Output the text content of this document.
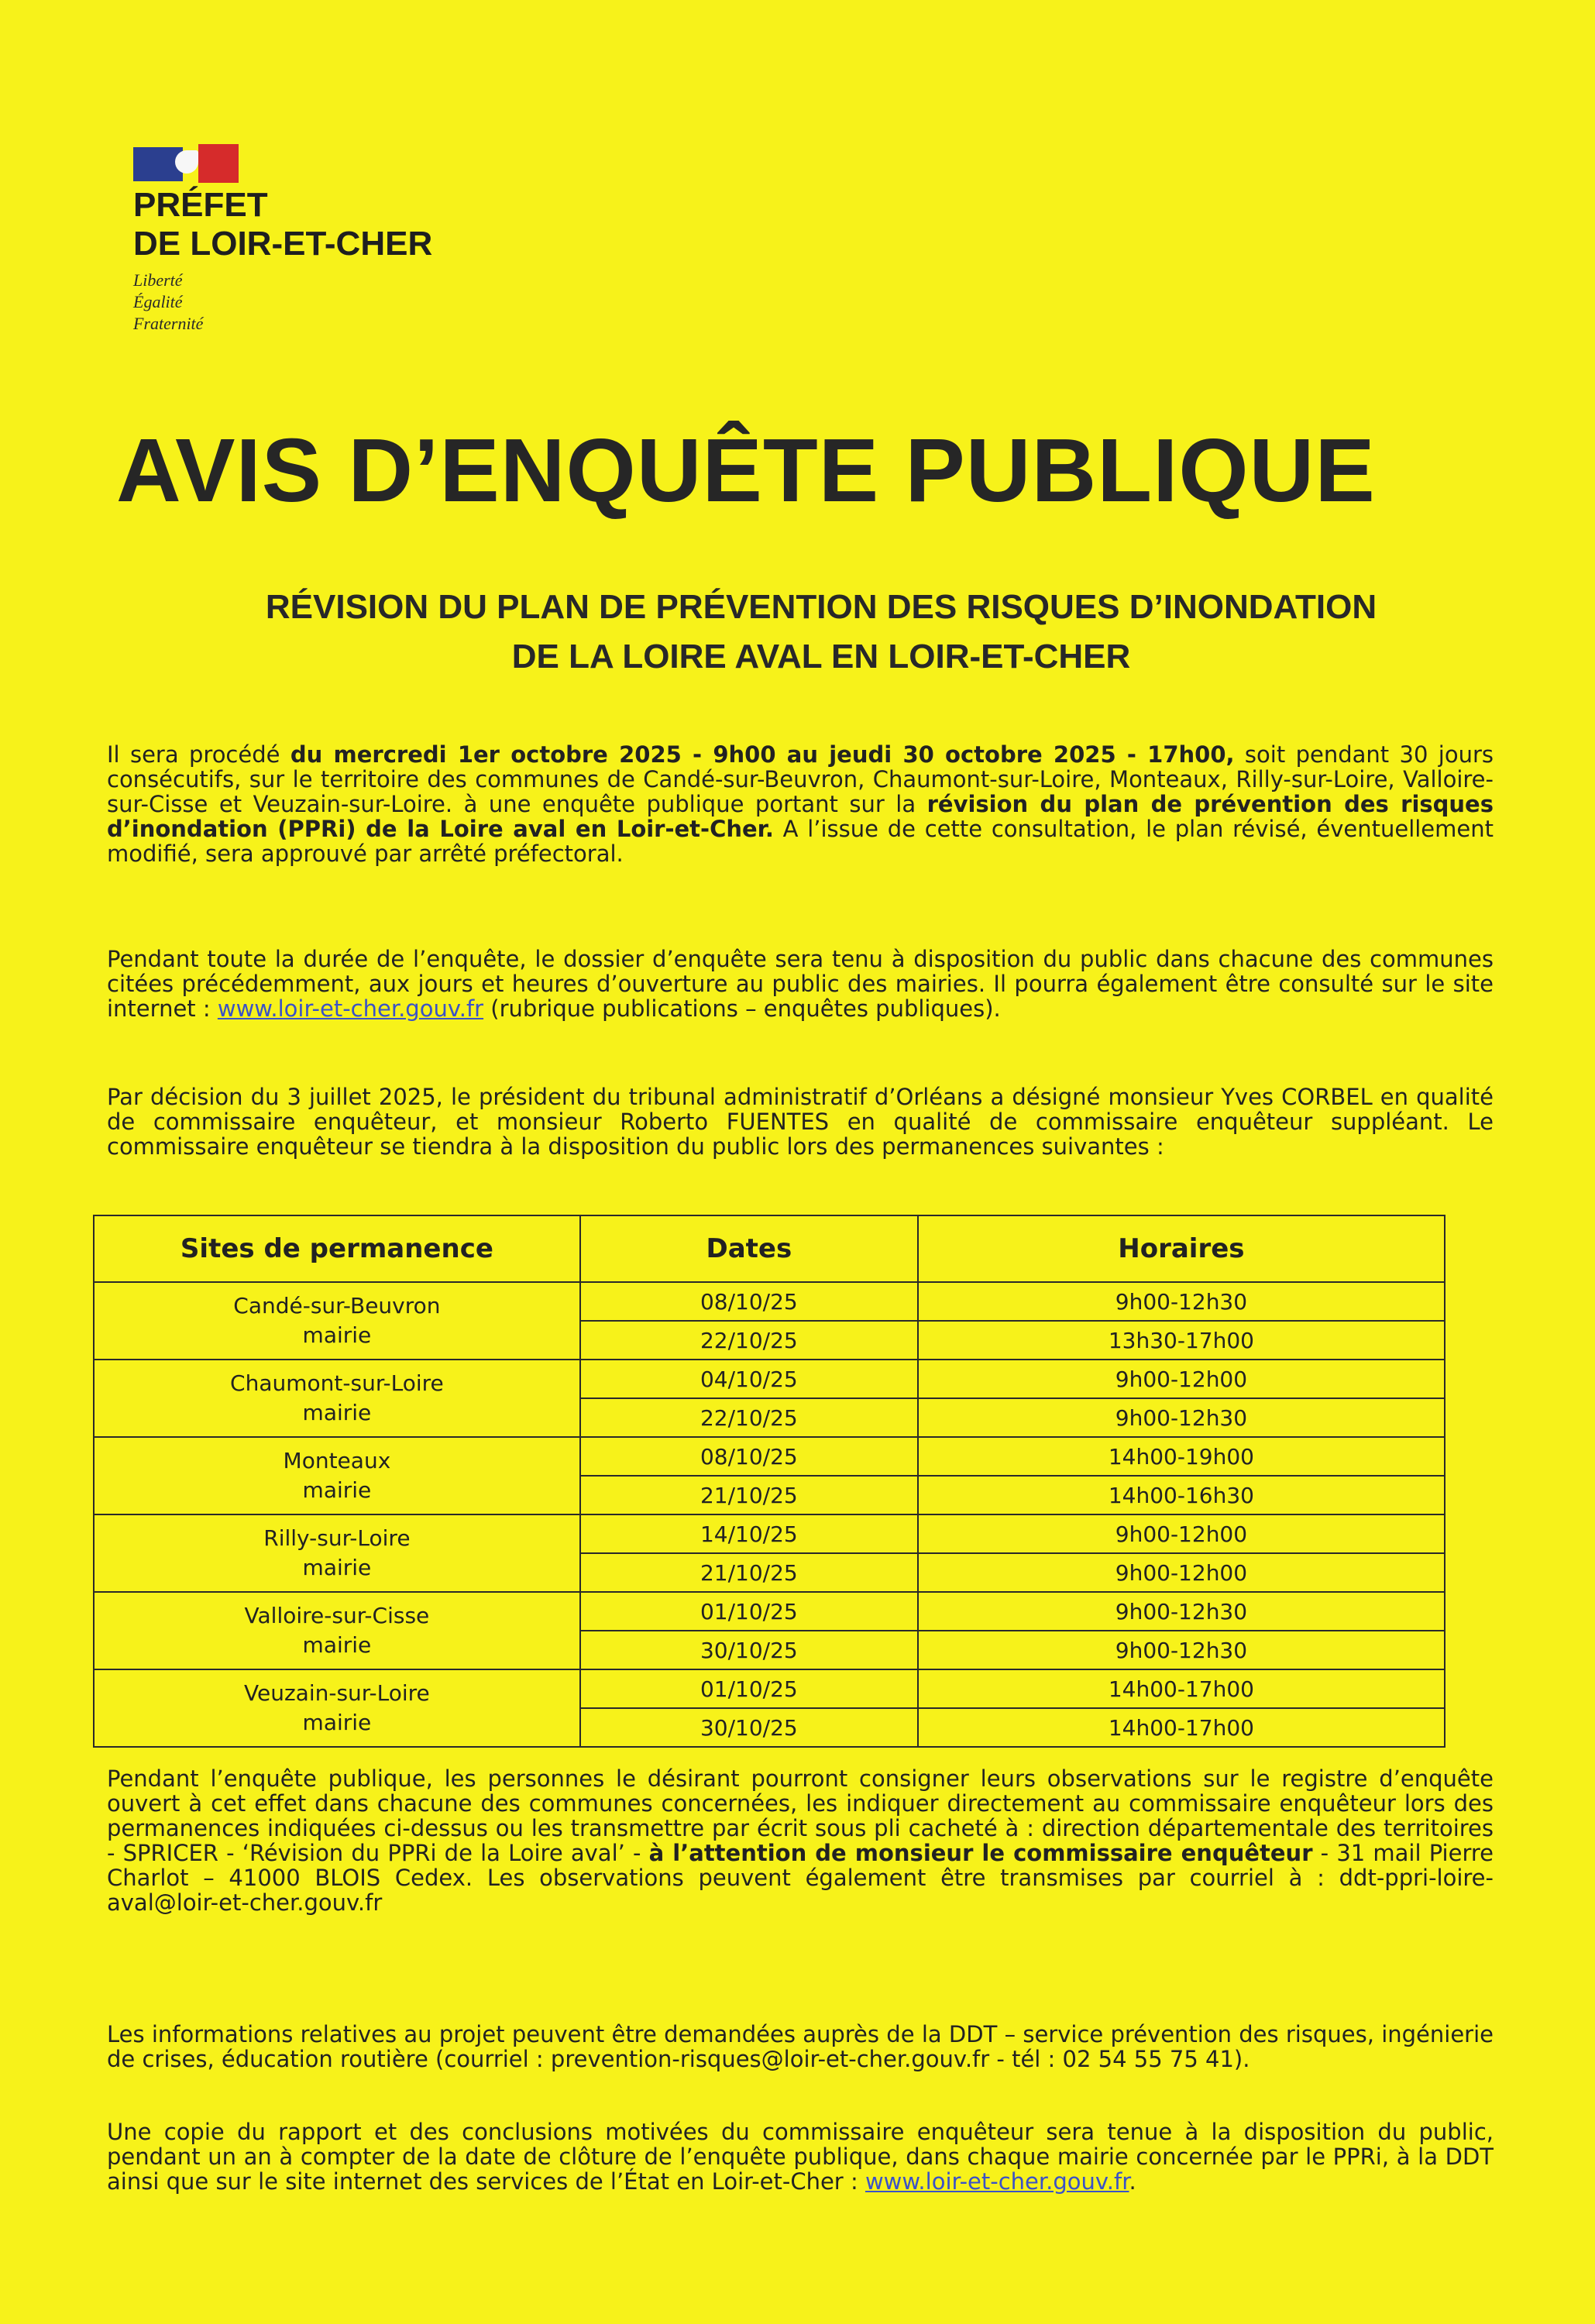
PRÉFET
DE LOIR-ET-CHER
Liberté
Égalité
Fraternité
AVIS D’ENQUÊTE PUBLIQUE
RÉVISION DU PLAN DE PRÉVENTION DES RISQUES D’INONDATION
DE LA LOIRE AVAL EN LOIR-ET-CHER
Il sera procédé du mercredi 1er octobre 2025 - 9h00 au jeudi 30 octobre 2025 - 17h00, soit pendant 30 jours consécutifs, sur le territoire des communes de Candé-sur-Beuvron, Chaumont-sur-Loire, Monteaux, Rilly-sur-Loire, Valloire-sur-Cisse et Veuzain-sur-Loire. à une enquête publique portant sur la révision du plan de prévention des risques d’inondation (PPRi) de la Loire aval en Loir-et-Cher. A l’issue de cette consultation, le plan révisé, éventuellement modifié, sera approuvé par arrêté préfectoral.
Pendant toute la durée de l’enquête, le dossier d’enquête sera tenu à disposition du public dans chacune des communes citées précédemment, aux jours et heures d’ouverture au public des mairies. Il pourra également être consulté sur le site internet : www.loir-et-cher.gouv.fr (rubrique publications – enquêtes publiques).
Par décision du 3 juillet 2025, le président du tribunal administratif d’Orléans a désigné monsieur Yves CORBEL en qualité de commissaire enquêteur, et monsieur Roberto FUENTES en qualité de commissaire enquêteur suppléant. Le commissaire enquêteur se tiendra à la disposition du public lors des permanences suivantes :
Sites de permanence	Dates	Horaires

Candé-sur-Beuvron
mairie	08/10/25	9h00-12h30
	22/10/25	13h30-17h00

Chaumont-sur-Loire
mairie	04/10/25	9h00-12h00
	22/10/25	9h00-12h30

Monteaux
mairie	08/10/25	14h00-19h00
	21/10/25	14h00-16h30

Rilly-sur-Loire
mairie	14/10/25	9h00-12h00
	21/10/25	9h00-12h00

Valloire-sur-Cisse
mairie	01/10/25	9h00-12h30
	30/10/25	9h00-12h30

Veuzain-sur-Loire
mairie	01/10/25	14h00-17h00
	30/10/25	14h00-17h00
Pendant l’enquête publique, les personnes le désirant pourront consigner leurs observations sur le registre d’enquête ouvert à cet effet dans chacune des communes concernées, les indiquer directement au commissaire enquêteur lors des permanences indiquées ci-dessus ou les transmettre par écrit sous pli cacheté à : direction départementale des territoires - SPRICER - ‘Révision du PPRi de la Loire aval’ - à l’attention de monsieur le commissaire enquêteur - 31 mail Pierre Charlot – 41000 BLOIS Cedex. Les observations peuvent également être transmises par courriel à : ddt-ppri-loire-aval@loir-et-cher.gouv.fr
Les informations relatives au projet peuvent être demandées auprès de la DDT – service prévention des risques, ingénierie de crises, éducation routière (courriel : prevention-risques@loir-et-cher.gouv.fr - tél : 02 54 55 75 41).
Une copie du rapport et des conclusions motivées du commissaire enquêteur sera tenue à la disposition du public, pendant un an à compter de la date de clôture de l’enquête publique, dans chaque mairie concernée par le PPRi, à la DDT ainsi que sur le site internet des services de l’État en Loir-et-Cher : www.loir-et-cher.gouv.fr.
